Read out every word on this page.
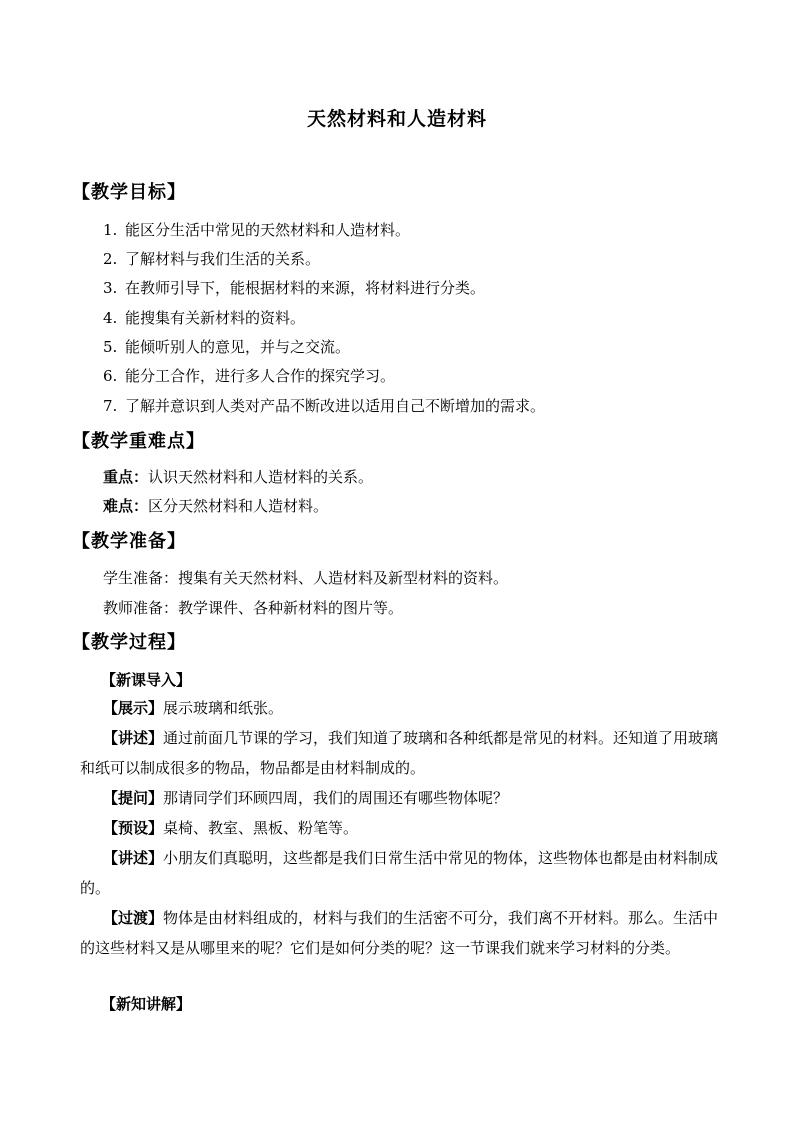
天然材料和人造材料
【教学目标】
1. 能区分生活中常见的天然材料和人造材料。
2. 了解材料与我们生活的关系。
3. 在教师引导下，能根据材料的来源，将材料进行分类。
4. 能搜集有关新材料的资料。
5. 能倾听别人的意见，并与之交流。
6. 能分工合作，进行多人合作的探究学习。
7. 了解并意识到人类对产品不断改进以适用自己不断增加的需求。
【教学重难点】
重点：认识天然材料和人造材料的关系。
难点：区分天然材料和人造材料。
【教学准备】
学生准备：搜集有关天然材料、人造材料及新型材料的资料。
教师准备：教学课件、各种新材料的图片等。
【教学过程】
【新课导入】
【展示】展示玻璃和纸张。
【讲述】通过前面几节课的学习，我们知道了玻璃和各种纸都是常见的材料。还知道了用玻璃和纸可以制成很多的物品，物品都是由材料制成的。
【提问】那请同学们环顾四周，我们的周围还有哪些物体呢？
【预设】桌椅、教室、黑板、粉笔等。
【讲述】小朋友们真聪明，这些都是我们日常生活中常见的物体，这些物体也都是由材料制成的。
【过渡】物体是由材料组成的，材料与我们的生活密不可分，我们离不开材料。那么。生活中的这些材料又是从哪里来的呢？它们是如何分类的呢？这一节课我们就来学习材料的分类。
【新知讲解】
